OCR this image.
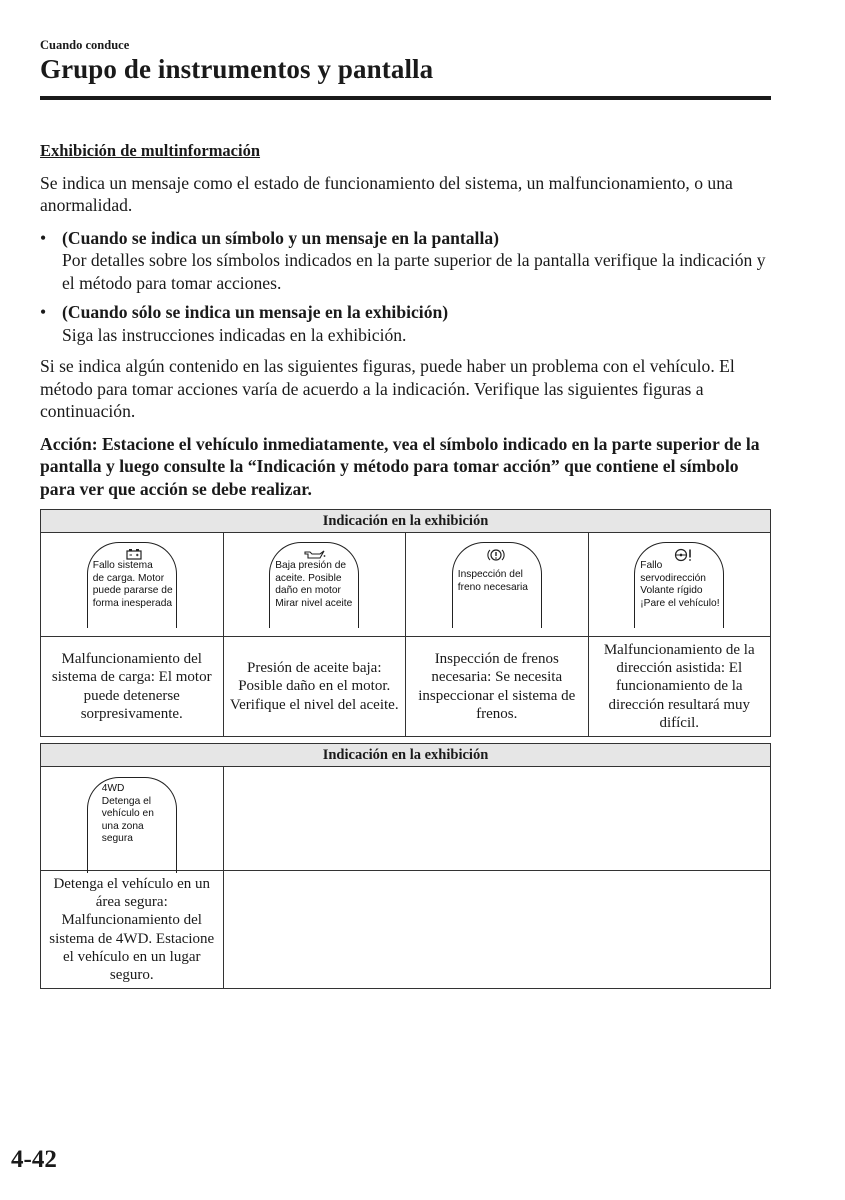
Cuando conduce
Grupo de instrumentos y pantalla

Exhibición de multinformación

Se indica un mensaje como el estado de funcionamiento del sistema, un malfuncionamiento, o una anormalidad.

• (Cuando se indica un símbolo y un mensaje en la pantalla)
Por detalles sobre los símbolos indicados en la parte superior de la pantalla verifique la indicación y el método para tomar acciones.
• (Cuando sólo se indica un mensaje en la exhibición)
Siga las instrucciones indicadas en la exhibición.

Si se indica algún contenido en las siguientes figuras, puede haber un problema con el vehículo. El método para tomar acciones varía de acuerdo a la indicación. Verifique las siguientes figuras a continuación.

Acción: Estacione el vehículo inmediatamente, vea el símbolo indicado en la parte superior de la pantalla y luego consulte la “Indicación y método para tomar acción” que contiene el símbolo para ver que acción se debe realizar.

Indicación en la exhibición			

Fallo sistema
de carga. Motor
puede pararse de
forma inesperada	Baja presión de
aceite. Posible
daño en motor
Mirar nivel aceite	Inspección del
freno necesaria	Fallo
servodirección
Volante rígido
¡Pare el vehículo!

Malfuncionamiento del sistema de carga: El motor puede detenerse sorpresivamente.	Presión de aceite baja: Posible daño en el motor. Verifique el nivel del aceite.	Inspección de frenos necesaria: Se necesita inspeccionar el sistema de frenos.	Malfuncionamiento de la dirección asistida: El funcionamiento de la dirección resultará muy difícil.
Indicación en la exhibición	

4WD
Detenga el
vehículo en
una zona
segura	

Detenga el vehículo en un área segura: Malfuncionamiento del sistema de 4WD. Estacione el vehículo en un lugar seguro.	
4-42
